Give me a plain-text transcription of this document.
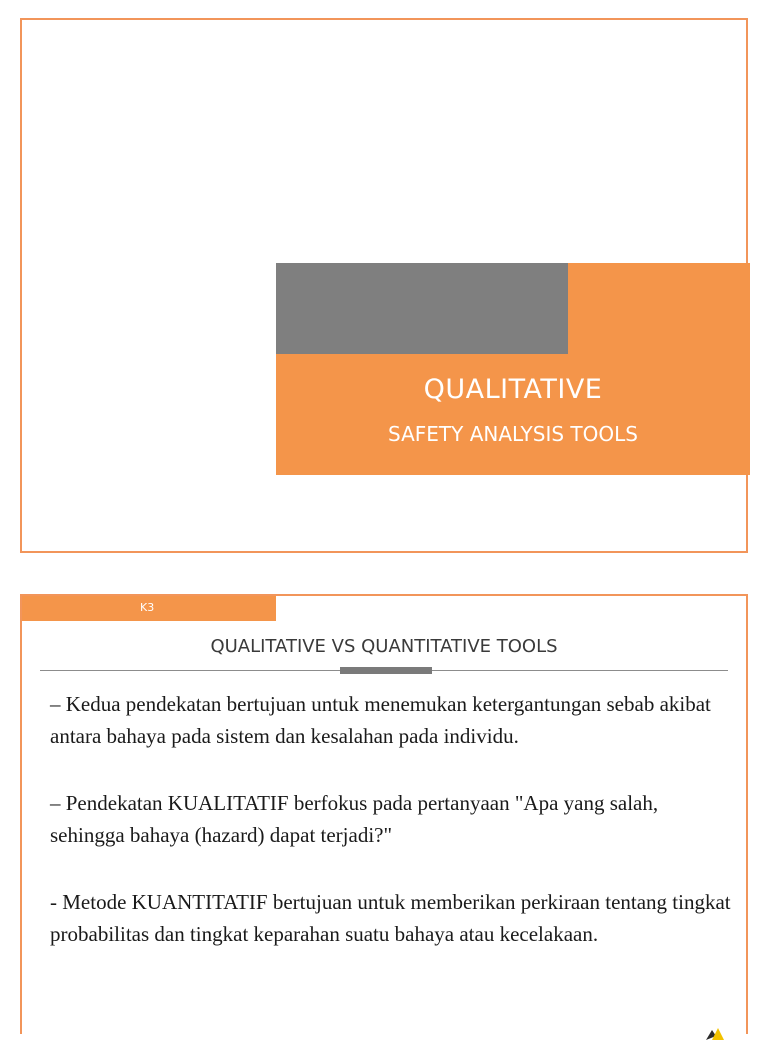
QUALITATIVE
SAFETY ANALYSIS TOOLS
K3
QUALITATIVE VS QUANTITATIVE TOOLS

– Kedua pendekatan bertujuan untuk menemukan ketergantungan sebab akibat antara bahaya pada sistem dan kesalahan pada individu.

– Pendekatan KUALITATIF berfokus pada pertanyaan "Apa yang salah, sehingga bahaya (hazard) dapat terjadi?"

- Metode KUANTITATIF bertujuan untuk memberikan perkiraan tentang tingkat probabilitas dan tingkat keparahan suatu bahaya atau kecelakaan.
